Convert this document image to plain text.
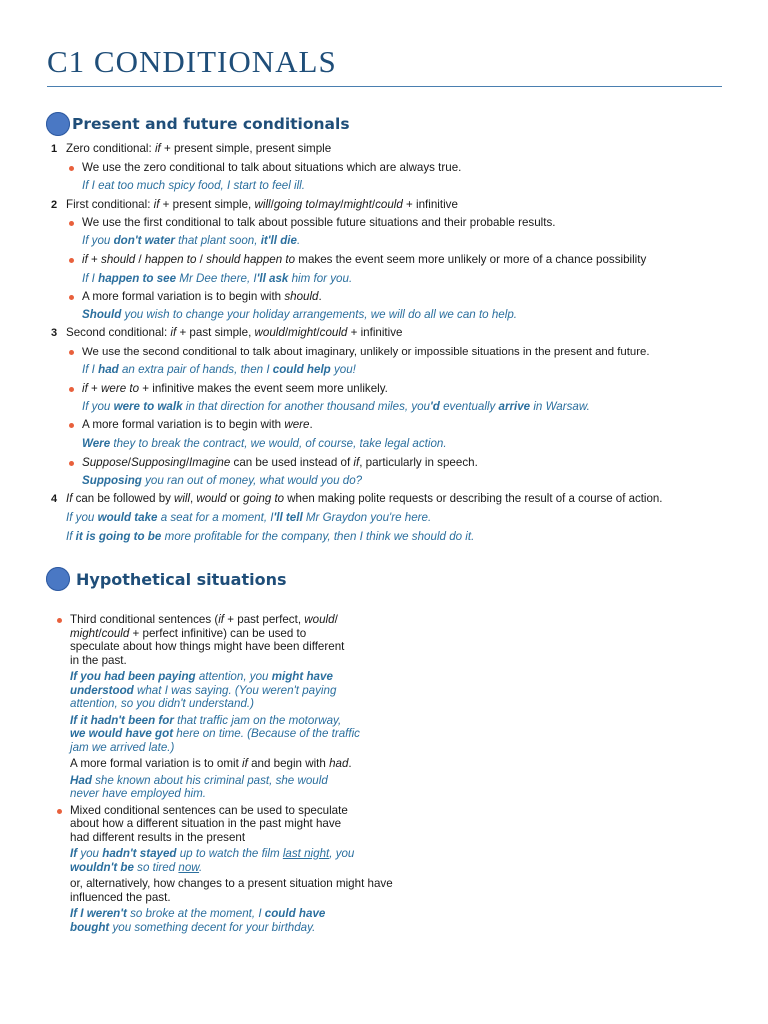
C1 CONDITIONALS
Present and future conditionals
1 Zero conditional: if + present simple, present simple
We use the zero conditional to talk about situations which are always true.
If I eat too much spicy food, I start to feel ill.
2 First conditional: if + present simple, will/going to/may/might/could + infinitive
We use the first conditional to talk about possible future situations and their probable results.
If you don't water that plant soon, it'll die.
if + should / happen to / should happen to makes the event seem more unlikely or more of a chance possibility
If I happen to see Mr Dee there, I'll ask him for you.
A more formal variation is to begin with should.
Should you wish to change your holiday arrangements, we will do all we can to help.
3 Second conditional: if + past simple, would/might/could + infinitive
We use the second conditional to talk about imaginary, unlikely or impossible situations in the present and future.
If I had an extra pair of hands, then I could help you!
if + were to + infinitive makes the event seem more unlikely.
If you were to walk in that direction for another thousand miles, you'd eventually arrive in Warsaw.
A more formal variation is to begin with were.
Were they to break the contract, we would, of course, take legal action.
Suppose/Supposing/Imagine can be used instead of if, particularly in speech.
Supposing you ran out of money, what would you do?
4 If can be followed by will, would or going to when making polite requests or describing the result of a course of action.
If you would take a seat for a moment, I'll tell Mr Graydon you're here.
If it is going to be more profitable for the company, then I think we should do it.
Hypothetical situations

Third conditional sentences (if + past perfect, would/
might/could + perfect infinitive) can be used to
speculate about how things might have been different
in the past.

If you had been paying attention, you might have
understood what I was saying. (You weren't paying
attention, so you didn't understand.)

If it hadn't been for that traffic jam on the motorway,
we would have got here on time. (Because of the traffic
jam we arrived late.)

A more formal variation is to omit if and begin with had.

Had she known about his criminal past, she would
never have employed him.

Mixed conditional sentences can be used to speculate
about how a different situation in the past might have
had different results in the present

If you hadn't stayed up to watch the film last night, you
wouldn't be so tired now.

or, alternatively, how changes to a present situation might have influenced the past.

If I weren't so broke at the moment, I could have
bought you something decent for your birthday.
